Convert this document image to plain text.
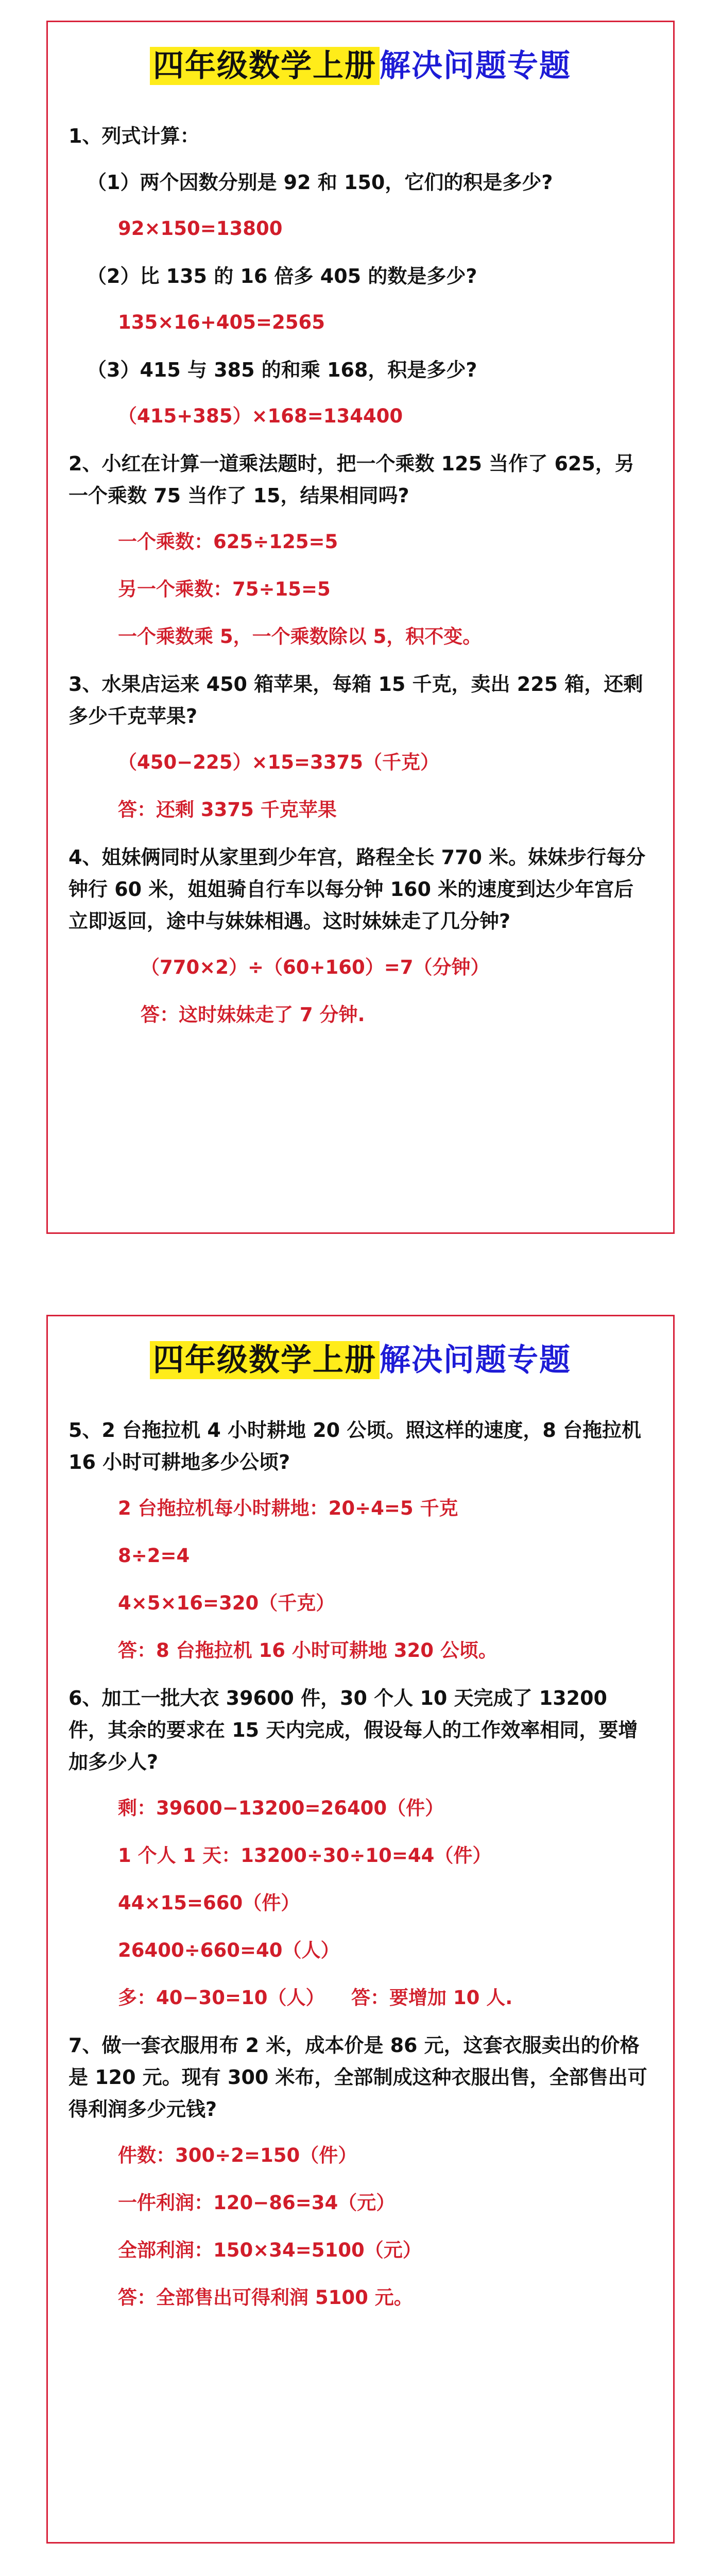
四年级数学上册 解决问题专题

1、列式计算：

（1）两个因数分别是 92 和 150，它们的积是多少?

92×150=13800

（2）比 135 的 16 倍多 405 的数是多少?

135×16+405=2565

（3）415 与 385 的和乘 168，积是多少?

（415+385）×168=134400

2、小红在计算一道乘法题时，把一个乘数 125 当作了 625，另一个乘数 75 当作了 15，结果相同吗?

一个乘数：625÷125=5

另一个乘数：75÷15=5

一个乘数乘 5，一个乘数除以 5，积不变。

3、水果店运来 450 箱苹果，每箱 15 千克，卖出 225 箱，还剩多少千克苹果?

（450−225）×15=3375（千克）

答：还剩 3375 千克苹果

4、姐妹俩同时从家里到少年宫，路程全长 770 米。妹妹步行每分钟行 60 米，姐姐骑自行车以每分钟 160 米的速度到达少年宫后立即返回，途中与妹妹相遇。这时妹妹走了几分钟?

（770×2）÷（60+160）=7（分钟）

答：这时妹妹走了 7 分钟.

四年级数学上册 解决问题专题

5、2 台拖拉机 4 小时耕地 20 公顷。照这样的速度，8 台拖拉机 16 小时可耕地多少公顷?

2 台拖拉机每小时耕地：20÷4=5 千克

8÷2=4

4×5×16=320（千克）

答：8 台拖拉机 16 小时可耕地 320 公顷。

6、加工一批大衣 39600 件，30 个人 10 天完成了 13200 件，其余的要求在 15 天内完成，假设每人的工作效率相同，要增加多少人?

剩：39600−13200=26400（件）

1 个人 1 天：13200÷30÷10=44（件）

44×15=660（件）

26400÷660=40（人）

多：40−30=10（人）    答：要增加 10 人.

7、做一套衣服用布 2 米，成本价是 86 元，这套衣服卖出的价格是 120 元。现有 300 米布，全部制成这种衣服出售，全部售出可得利润多少元钱?

件数：300÷2=150（件）

一件利润：120−86=34（元）

全部利润：150×34=5100（元）

答：全部售出可得利润 5100 元。
